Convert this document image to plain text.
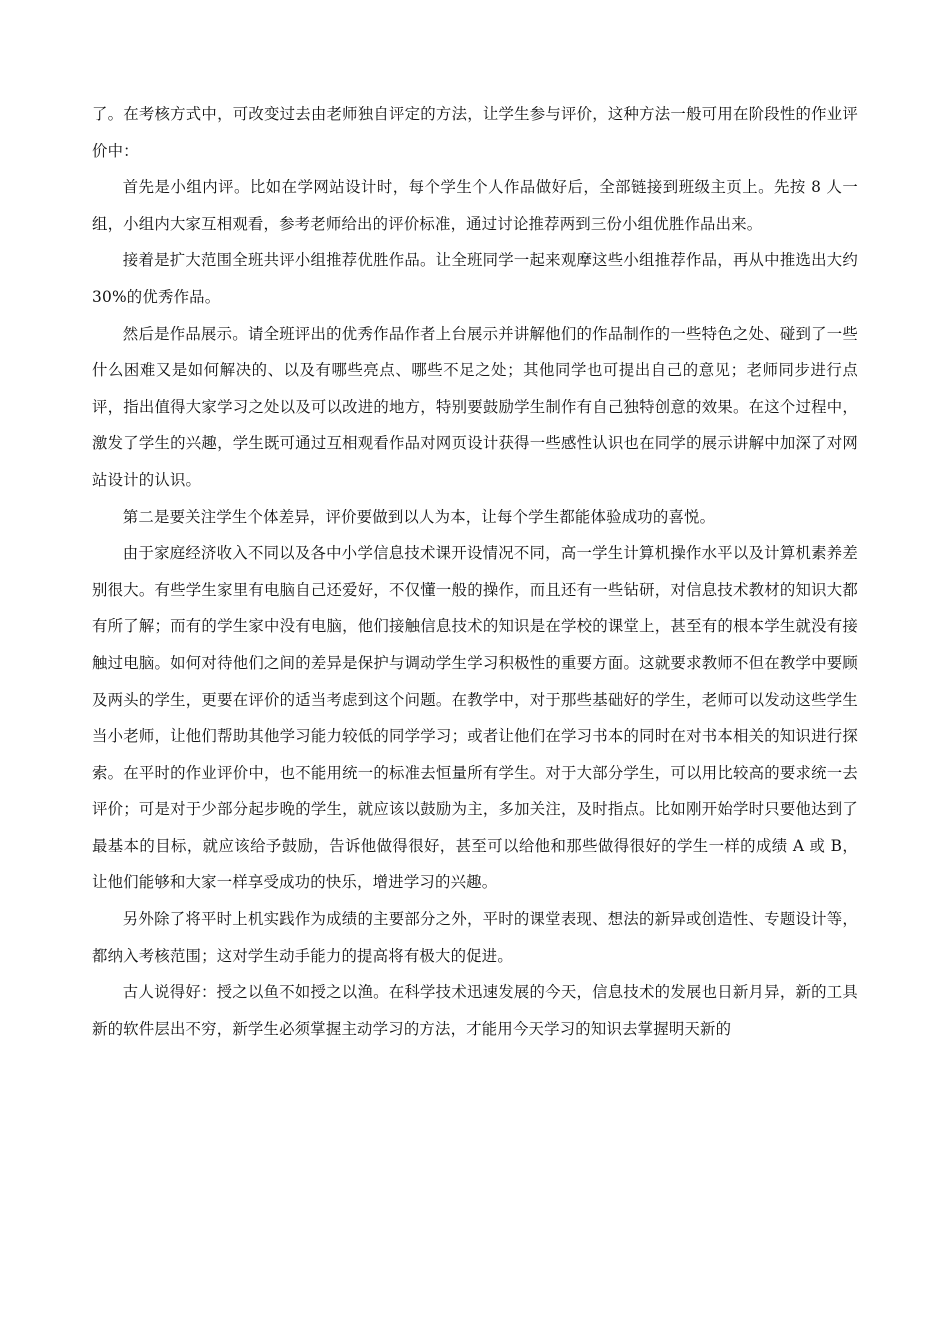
了。在考核方式中，可改变过去由老师独自评定的方法，让学生参与评价，这种方法一般可用在阶段性的作业评价中：

首先是小组内评。比如在学网站设计时，每个学生个人作品做好后，全部链接到班级主页上。先按 8 人一组，小组内大家互相观看，参考老师给出的评价标准，通过讨论推荐两到三份小组优胜作品出来。

接着是扩大范围全班共评小组推荐优胜作品。让全班同学一起来观摩这些小组推荐作品，再从中推选出大约30%的优秀作品。

然后是作品展示。请全班评出的优秀作品作者上台展示并讲解他们的作品制作的一些特色之处、碰到了一些什么困难又是如何解决的、以及有哪些亮点、哪些不足之处；其他同学也可提出自己的意见；老师同步进行点评，指出值得大家学习之处以及可以改进的地方，特别要鼓励学生制作有自己独特创意的效果。在这个过程中，激发了学生的兴趣，学生既可通过互相观看作品对网页设计获得一些感性认识也在同学的展示讲解中加深了对网站设计的认识。

第二是要关注学生个体差异，评价要做到以人为本，让每个学生都能体验成功的喜悦。

由于家庭经济收入不同以及各中小学信息技术课开设情况不同，高一学生计算机操作水平以及计算机素养差别很大。有些学生家里有电脑自己还爱好，不仅懂一般的操作，而且还有一些钻研，对信息技术教材的知识大都有所了解；而有的学生家中没有电脑，他们接触信息技术的知识是在学校的课堂上，甚至有的根本学生就没有接触过电脑。如何对待他们之间的差异是保护与调动学生学习积极性的重要方面。这就要求教师不但在教学中要顾及两头的学生，更要在评价的适当考虑到这个问题。在教学中，对于那些基础好的学生，老师可以发动这些学生当小老师，让他们帮助其他学习能力较低的同学学习；或者让他们在学习书本的同时在对书本相关的知识进行探索。在平时的作业评价中，也不能用统一的标准去恒量所有学生。对于大部分学生，可以用比较高的要求统一去评价；可是对于少部分起步晚的学生，就应该以鼓励为主，多加关注，及时指点。比如刚开始学时只要他达到了最基本的目标，就应该给予鼓励，告诉他做得很好，甚至可以给他和那些做得很好的学生一样的成绩 A 或 B，让他们能够和大家一样享受成功的快乐，增进学习的兴趣。

另外除了将平时上机实践作为成绩的主要部分之外，平时的课堂表现、想法的新异或创造性、专题设计等，都纳入考核范围；这对学生动手能力的提高将有极大的促进。

古人说得好：授之以鱼不如授之以渔。在科学技术迅速发展的今天，信息技术的发展也日新月异，新的工具新的软件层出不穷，新学生必须掌握主动学习的方法，才能用今天学习的知识去掌握明天新的
